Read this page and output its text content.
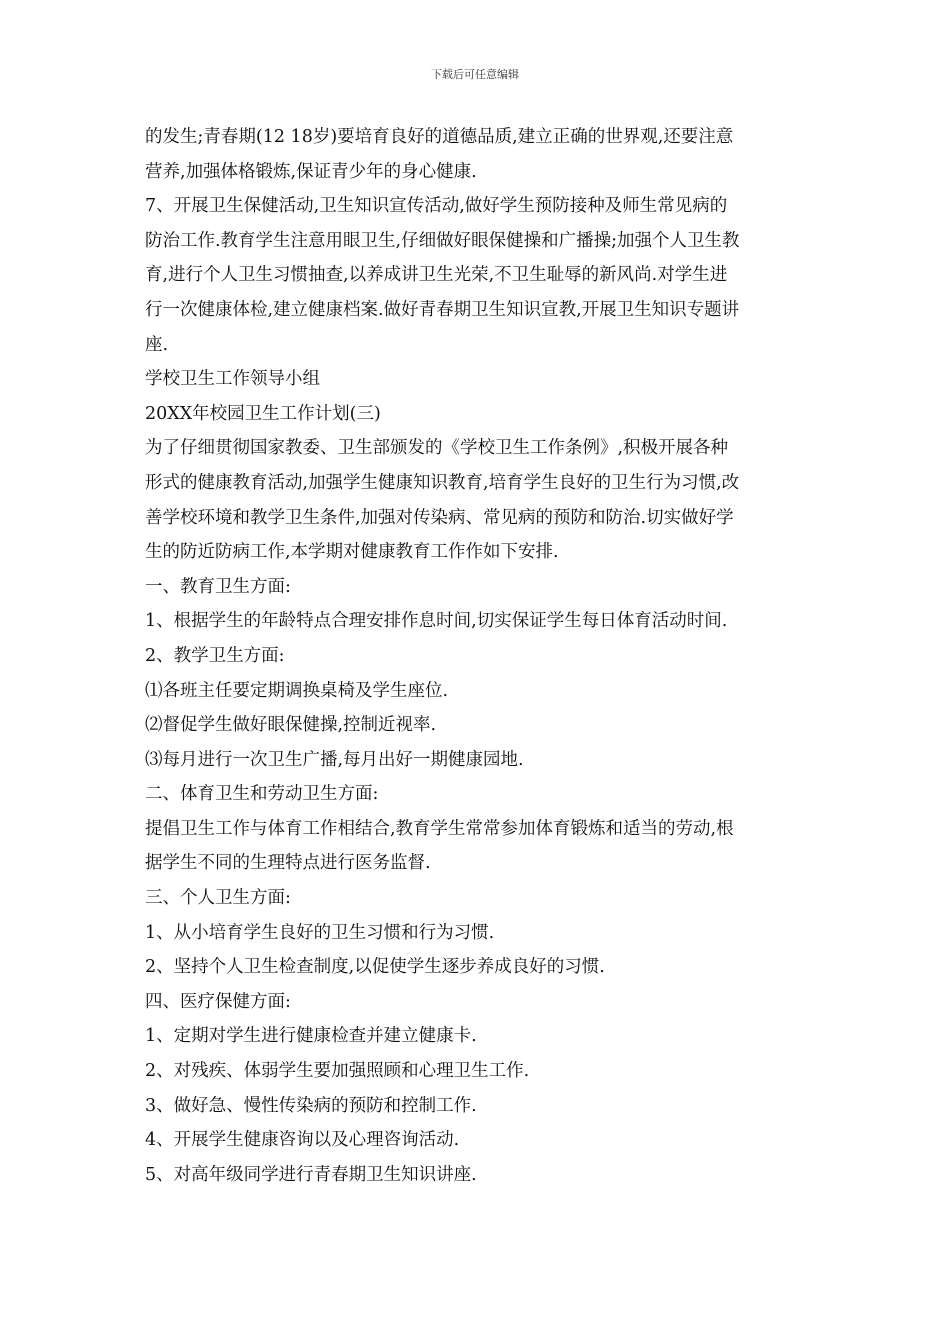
下载后可任意编辑
的发生;青春期(12 18岁)要培育良好的道德品质,建立正确的世界观,还要注意
营养,加强体格锻炼,保证青少年的身心健康.
7、开展卫生保健活动,卫生知识宣传活动,做好学生预防接种及师生常见病的
防治工作.教育学生注意用眼卫生,仔细做好眼保健操和广播操;加强个人卫生教
育,进行个人卫生习惯抽查,以养成讲卫生光荣,不卫生耻辱的新风尚.对学生进
行一次健康体检,建立健康档案.做好青春期卫生知识宣教,开展卫生知识专题讲
座.
学校卫生工作领导小组
20XX年校园卫生工作计划(三)
为了仔细贯彻国家教委、卫生部颁发的《学校卫生工作条例》,积极开展各种
形式的健康教育活动,加强学生健康知识教育,培育学生良好的卫生行为习惯,改
善学校环境和教学卫生条件,加强对传染病、常见病的预防和防治.切实做好学
生的防近防病工作,本学期对健康教育工作作如下安排.
一、教育卫生方面:
1、根据学生的年龄特点合理安排作息时间,切实保证学生每日体育活动时间.
2、教学卫生方面:
⑴各班主任要定期调换桌椅及学生座位.
⑵督促学生做好眼保健操,控制近视率.
⑶每月进行一次卫生广播,每月出好一期健康园地.
二、体育卫生和劳动卫生方面:
提倡卫生工作与体育工作相结合,教育学生常常参加体育锻炼和适当的劳动,根
据学生不同的生理特点进行医务监督.
三、个人卫生方面:
1、从小培育学生良好的卫生习惯和行为习惯.
2、坚持个人卫生检查制度,以促使学生逐步养成良好的习惯.
四、医疗保健方面:
1、定期对学生进行健康检查并建立健康卡.
2、对残疾、体弱学生要加强照顾和心理卫生工作.
3、做好急、慢性传染病的预防和控制工作.
4、开展学生健康咨询以及心理咨询活动.
5、对高年级同学进行青春期卫生知识讲座.
